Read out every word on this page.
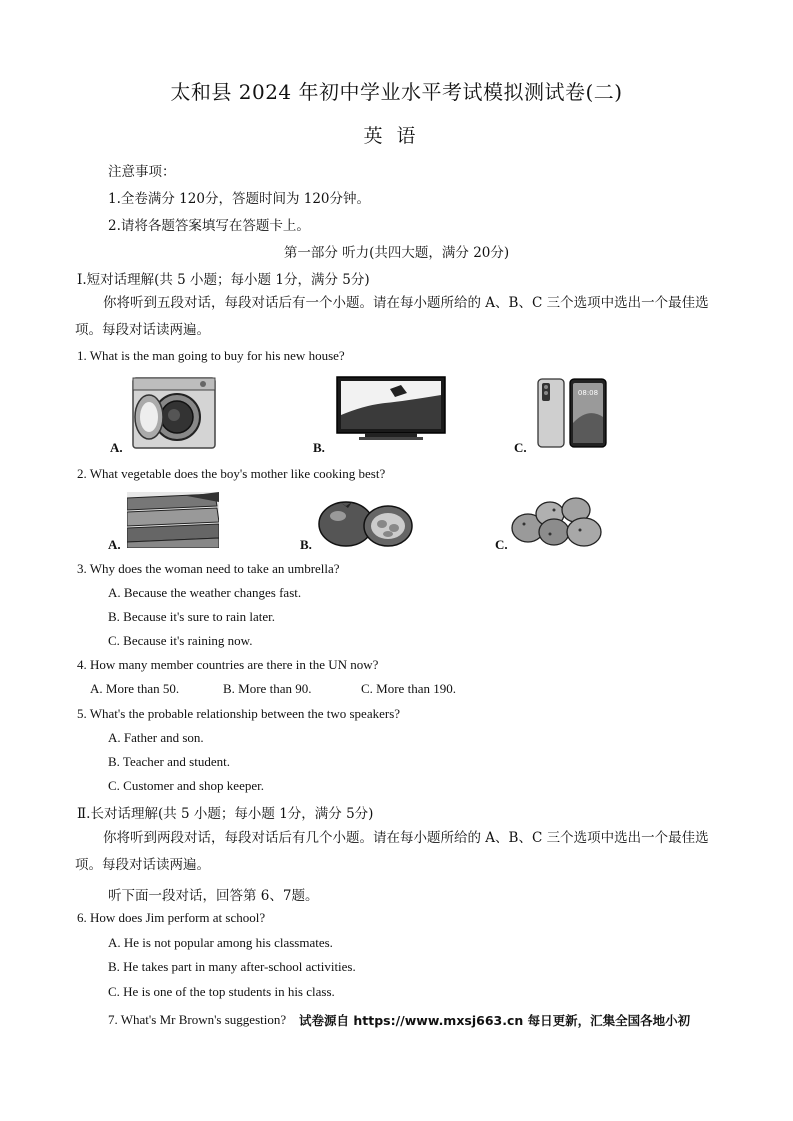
太和县 2024 年初中学业水平考试模拟测试卷(二)
英语
注意事项：
1.全卷满分 120分，答题时间为 120分钟。
2.请将各题答案填写在答题卡上。
第一部分 听力(共四大题，满分 20分)
Ⅰ.短对话理解(共 5 小题；每小题 1分，满分 5分)
你将听到五段对话，每段对话后有一个小题。请在每小题所给的 A、B、C 三个选项中选出一个最佳选项。每段对话读两遍。
1. What is the man going to buy for his new house?
A.	B.	C.
08:08
2. What vegetable does the boy's mother like cooking best?
A.	B.	C.
3. Why does the woman need to take an umbrella?
A. Because the weather changes fast.
B. Because it's sure to rain later.
C. Because it's raining now.
4. How many member countries are there in the UN now?
A. More than 50.	B. More than 90.	C. More than 190.
5. What's the probable relationship between the two speakers?
A. Father and son.
B. Teacher and student.
C. Customer and shop keeper.
Ⅱ.长对话理解(共 5 小题；每小题 1分，满分 5分)
你将听到两段对话，每段对话后有几个小题。请在每小题所给的 A、B、C 三个选项中选出一个最佳选项。每段对话读两遍。
听下面一段对话，回答第 6、7题。
6. How does Jim perform at school?
A. He is not popular among his classmates.
B. He takes part in many after-school activities.
C. He is one of the top students in his class.
7. What's Mr Brown's suggestion? 试卷源自 https://www.mxsj663.cn 每日更新，汇集全国各地小初
